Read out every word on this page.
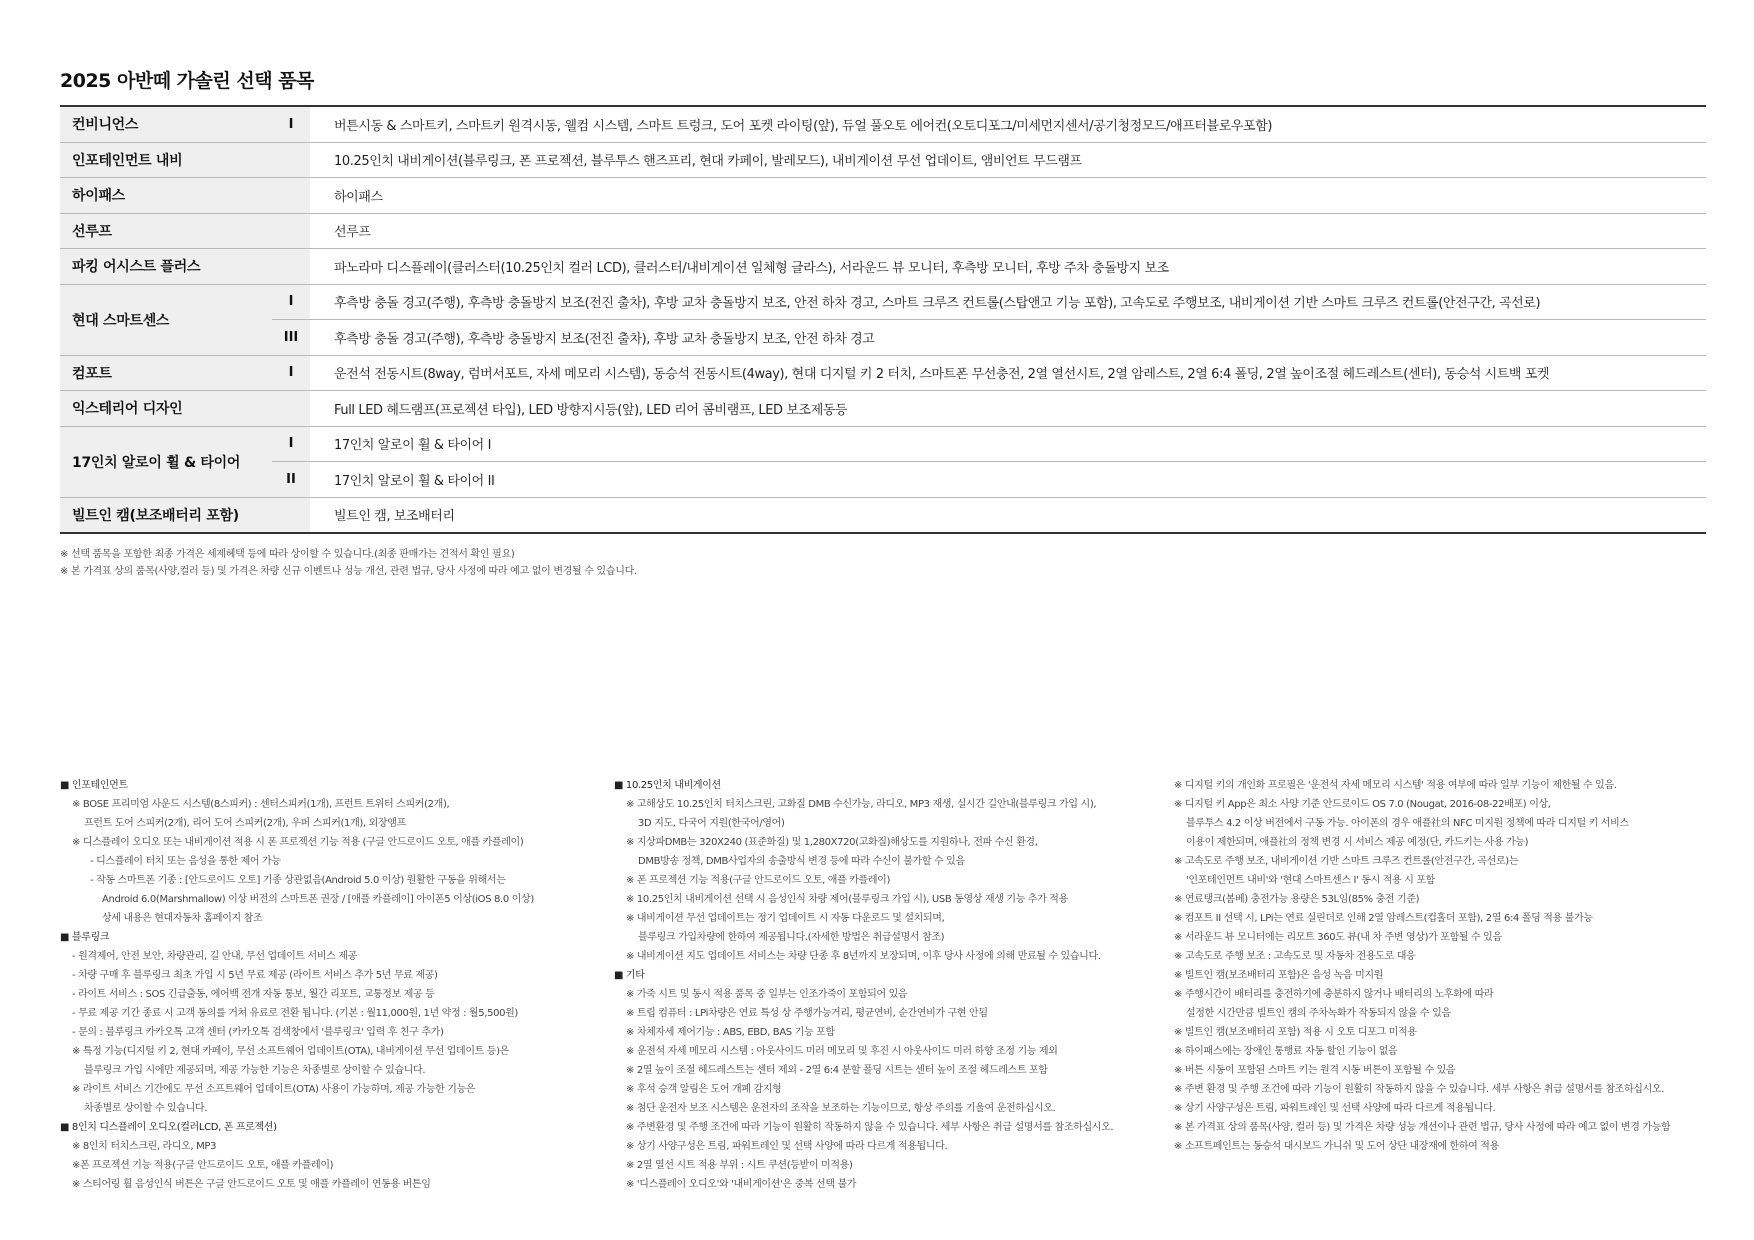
2025 아반떼 가솔린 선택 품목
컨비니언스	I	버튼시동 & 스마트키, 스마트키 원격시동, 웰컴 시스템, 스마트 트렁크, 도어 포켓 라이팅(앞), 듀얼 풀오토 에어컨(오토디포그/미세먼지센서/공기청정모드/애프터블로우포함)
인포테인먼트 내비	10.25인치 내비게이션(블루링크, 폰 프로젝션, 블루투스 핸즈프리, 현대 카페이, 발레모드), 내비게이션 무선 업데이트, 앰비언트 무드램프
하이패스	하이패스
선루프	선루프
파킹 어시스트 플러스	파노라마 디스플레이(클러스터(10.25인치 컬러 LCD), 클러스터/내비게이션 일체형 글라스), 서라운드 뷰 모니터, 후측방 모니터, 후방 주차 충돌방지 보조
현대 스마트센스
I	후측방 충돌 경고(주행), 후측방 충돌방지 보조(전진 출차), 후방 교차 충돌방지 보조, 안전 하차 경고, 스마트 크루즈 컨트롤(스탑앤고 기능 포함), 고속도로 주행보조, 내비게이션 기반 스마트 크루즈 컨트롤(안전구간, 곡선로)
III	후측방 충돌 경고(주행), 후측방 충돌방지 보조(전진 출차), 후방 교차 충돌방지 보조, 안전 하차 경고
컴포트	I	운전석 전동시트(8way, 럼버서포트, 자세 메모리 시스템), 동승석 전동시트(4way), 현대 디지털 키 2 터치, 스마트폰 무선충전, 2열 열선시트, 2열 암레스트, 2열 6:4 폴딩, 2열 높이조절 헤드레스트(센터), 동승석 시트백 포켓
익스테리어 디자인	Full LED 헤드램프(프로젝션 타입), LED 방향지시등(앞), LED 리어 콤비램프, LED 보조제동등
17인치 알로이 휠 & 타이어
I	17인치 알로이 휠 & 타이어 I
II	17인치 알로이 휠 & 타이어 II
빌트인 캠(보조배터리 포함)	빌트인 캠, 보조배터리
※ 선택 품목을 포함한 최종 가격은 세제혜택 등에 따라 상이할 수 있습니다.(최종 판매가는 견적서 확인 필요)
※ 본 가격표 상의 품목(사양,컬러 등) 및 가격은 차량 신규 이벤트나 성능 개선, 관련 법규, 당사 사정에 따라 예고 없이 변경될 수 있습니다.
■ 인포테인먼트
※ BOSE 프리미엄 사운드 시스템(8스피커) : 센터스피커(1개), 프런트 트위터 스피커(2개),
프런트 도어 스피커(2개), 리어 도어 스피커(2개), 우퍼 스피커(1개), 외장앰프
※ 디스플레이 오디오 또는 내비게이션 적용 시 폰 프로젝션 기능 적용 (구글 안드로이드 오토, 애플 카플레이)
- 디스플레이 터치 또는 음성을 통한 제어 가능
- 작동 스마트폰 기종 : [안드로이드 오토] 기종 상관없음(Android 5.0 이상) 원활한 구동을 위해서는
Android 6.0(Marshmallow) 이상 버전의 스마트폰 권장 / [애플 카플레이] 아이폰5 이상(iOS 8.0 이상)
상세 내용은 현대자동차 홈페이지 참조
■ 블루링크
- 원격제어, 안전 보안, 차량관리, 길 안내, 무선 업데이트 서비스 제공
- 차량 구매 후 블루링크 최초 가입 시 5년 무료 제공 (라이트 서비스 추가 5년 무료 제공)
- 라이트 서비스 : SOS 긴급출동, 에어백 전개 자동 통보, 월간 리포트, 교통정보 제공 등
- 무료 제공 기간 종료 시 고객 동의를 거쳐 유료로 전환 됩니다. (기본 : 월11,000원, 1년 약정 : 월5,500원)
- 문의 : 블루링크 카카오톡 고객 센터 (카카오톡 검색창에서 '블루링크' 입력 후 친구 추가)
※ 특정 기능(디지털 키 2, 현대 카페이, 무선 소프트웨어 업데이트(OTA), 내비게이션 무선 업데이트 등)은
블루링크 가입 시에만 제공되며, 제공 가능한 기능은 차종별로 상이할 수 있습니다.
※ 라이트 서비스 기간에도 무선 소프트웨어 업데이트(OTA) 사용이 가능하며, 제공 가능한 기능은
차종별로 상이할 수 있습니다.
■ 8인치 디스플레이 오디오(컬러LCD, 폰 프로젝션)
※ 8인치 터치스크린, 라디오, MP3
※폰 프로젝션 기능 적용(구글 안드로이드 오토, 애플 카플레이)
※ 스티어링 휠 음성인식 버튼은 구글 안드로이드 오토 및 애플 카플레이 연동용 버튼임
■ 10.25인치 내비게이션
※ 고해상도 10.25인치 터치스크린, 고화질 DMB 수신가능, 라디오, MP3 재생, 실시간 길안내(블루링크 가입 시),
3D 지도, 다국어 지원(한국어/영어)
※ 지상파DMB는 320X240 (표준화질) 및 1,280X720(고화질)해상도를 지원하나, 전파 수신 환경,
DMB방송 정책, DMB사업자의 송출방식 변경 등에 따라 수신이 불가할 수 있음
※ 폰 프로젝션 기능 적용(구글 안드로이드 오토, 애플 카플레이)
※ 10.25인치 내비게이션 선택 시 음성인식 차량 제어(블루링크 가입 시), USB 동영상 재생 기능 추가 적용
※ 내비게이션 무선 업데이트는 정기 업데이트 시 자동 다운로드 및 설치되며,
블루링크 가입차량에 한하여 제공됩니다.(자세한 방법은 취급설명서 참조)
※ 내비게이션 지도 업데이트 서비스는 차량 단종 후 8년까지 보장되며, 이후 당사 사정에 의해 만료될 수 있습니다.
■ 기타
※ 가죽 시트 및 동시 적용 품목 중 일부는 인조가죽이 포함되어 있음
※ 트립 컴퓨터 : LPi차량은 연료 특성 상 주행가능거리, 평균연비, 순간연비가 구현 안됨
※ 차체자세 제어기능 : ABS, EBD, BAS 기능 포함
※ 운전석 자세 메모리 시스템 : 아웃사이드 미러 메모리 및 후진 시 아웃사이드 미러 하향 조정 기능 제외
※ 2열 높이 조절 헤드레스트는 센터 제외 - 2열 6:4 분할 폴딩 시트는 센터 높이 조절 헤드레스트 포함
※ 후석 승객 알림은 도어 개폐 감지형
※ 첨단 운전자 보조 시스템은 운전자의 조작을 보조하는 기능이므로, 항상 주의를 기울여 운전하십시오.
※ 주변환경 및 주행 조건에 따라 기능이 원활히 작동하지 않을 수 있습니다. 세부 사항은 취급 설명서를 참조하십시오.
※ 상기 사양구성은 트림, 파워트레인 및 선택 사양에 따라 다르게 적용됩니다.
※ 2열 열선 시트 적용 부위 : 시트 쿠션(등받이 미적용)
※ '디스플레이 오디오'와 '내비게이션'은 중복 선택 불가
※ 디지털 키의 개인화 프로필은 '운전석 자세 메모리 시스템' 적용 여부에 따라 일부 기능이 제한될 수 있음.
※ 디지털 키 App은 최소 사양 기준 안드로이드 OS 7.0 (Nougat, 2016-08-22배포) 이상,
블루투스 4.2 이상 버전에서 구동 가능. 아이폰의 경우 애플社의 NFC 미지원 정책에 따라 디지털 키 서비스
이용이 제한되며, 애플社의 정책 변경 시 서비스 제공 예정(단, 카드키는 사용 가능)
※ 고속도로 주행 보조, 내비게이션 기반 스마트 크루즈 컨트롤(안전구간, 곡선로)는
'인포테인먼트 내비'와 '현대 스마트센스 I' 동시 적용 시 포함
※ 연료탱크(봄베) 충전가능 용량은 53L임(85% 충전 기준)
※ 컴포트 II 선택 시, LPi는 연료 실린더로 인해 2열 암레스트(컵홀더 포함), 2열 6:4 폴딩 적용 불가능
※ 서라운드 뷰 모니터에는 리모트 360도 뷰(내 차 주변 영상)가 포함될 수 있음
※ 고속도로 주행 보조 : 고속도로 및 자동차 전용도로 대응
※ 빌트인 캠(보조배터리 포함)은 음성 녹음 미지원
※ 주행시간이 배터리를 충전하기에 충분하지 않거나 배터리의 노후화에 따라
설정한 시간만큼 빌트인 캠의 주차녹화가 작동되지 않을 수 있음
※ 빌트인 캠(보조배터리 포함) 적용 시 오토 디포그 미적용
※ 하이패스에는 장애인 통행료 자동 할인 기능이 없음
※ 버튼 시동이 포함된 스마트 키는 원격 시동 버튼이 포함될 수 있음
※ 주변 환경 및 주행 조건에 따라 기능이 원활히 작동하지 않을 수 있습니다. 세부 사항은 취급 설명서를 참조하십시오.
※ 상기 사양구성은 트림, 파워트레인 및 선택 사양에 따라 다르게 적용됩니다.
※ 본 가격표 상의 품목(사양, 컬러 등) 및 가격은 차량 성능 개선이나 관련 법규, 당사 사정에 따라 예고 없이 변경 가능함
※ 소프트페인트는 동승석 대시보드 가니쉬 및 도어 상단 내장재에 한하여 적용
